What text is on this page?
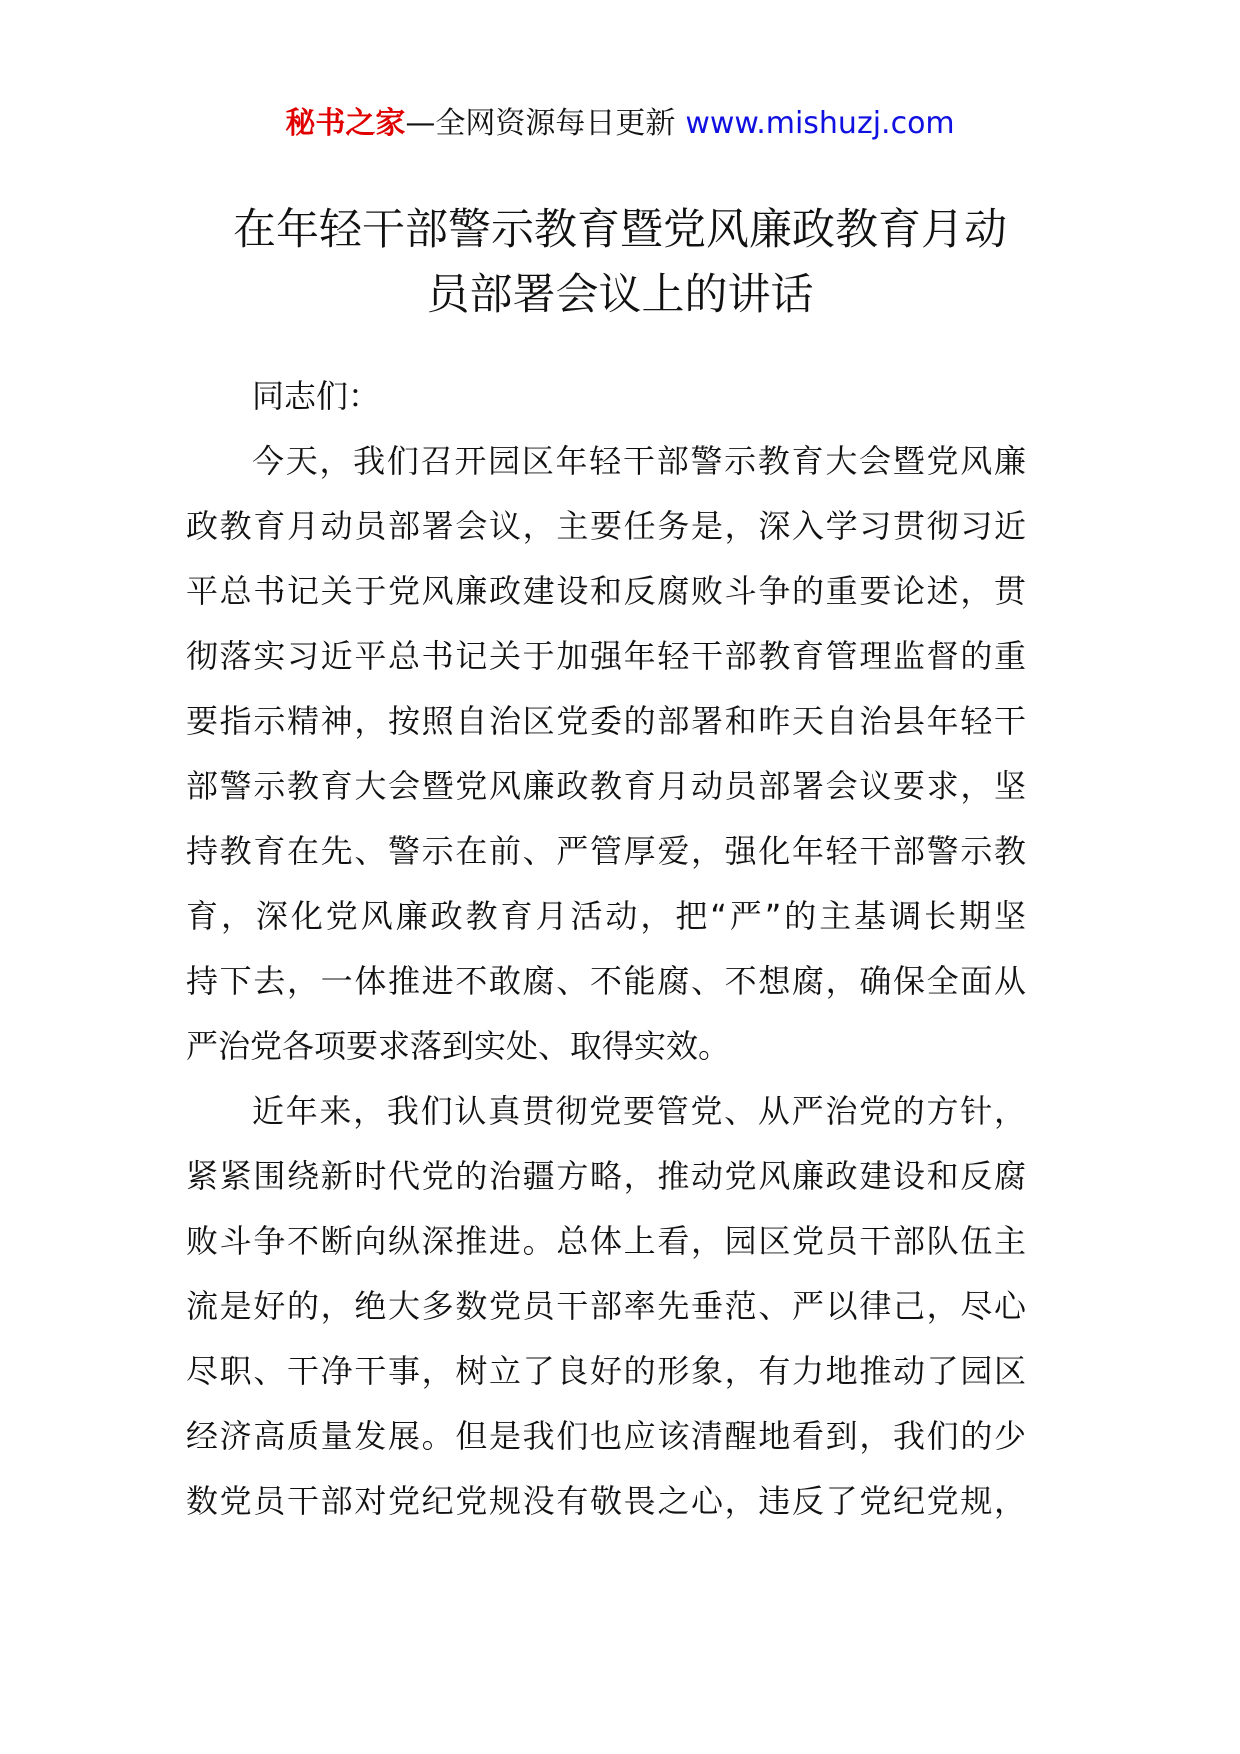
秘书之家—全网资源每日更新 www.mishuzj.com
在年轻干部警示教育暨党风廉政教育月动
员部署会议上的讲话
同志们：
今天，我们召开园区年轻干部警示教育大会暨党风廉
政教育月动员部署会议，主要任务是，深入学习贯彻习近
平总书记关于党风廉政建设和反腐败斗争的重要论述，贯
彻落实习近平总书记关于加强年轻干部教育管理监督的重
要指示精神，按照自治区党委的部署和昨天自治县年轻干
部警示教育大会暨党风廉政教育月动员部署会议要求，坚
持教育在先、警示在前、严管厚爱，强化年轻干部警示教
育，深化党风廉政教育月活动，把“严”的主基调长期坚
持下去，一体推进不敢腐、不能腐、不想腐，确保全面从
严治党各项要求落到实处、取得实效。
近年来，我们认真贯彻党要管党、从严治党的方针，
紧紧围绕新时代党的治疆方略，推动党风廉政建设和反腐
败斗争不断向纵深推进。总体上看，园区党员干部队伍主
流是好的，绝大多数党员干部率先垂范、严以律己，尽心
尽职、干净干事，树立了良好的形象，有力地推动了园区
经济高质量发展。但是我们也应该清醒地看到，我们的少
数党员干部对党纪党规没有敬畏之心，违反了党纪党规，
